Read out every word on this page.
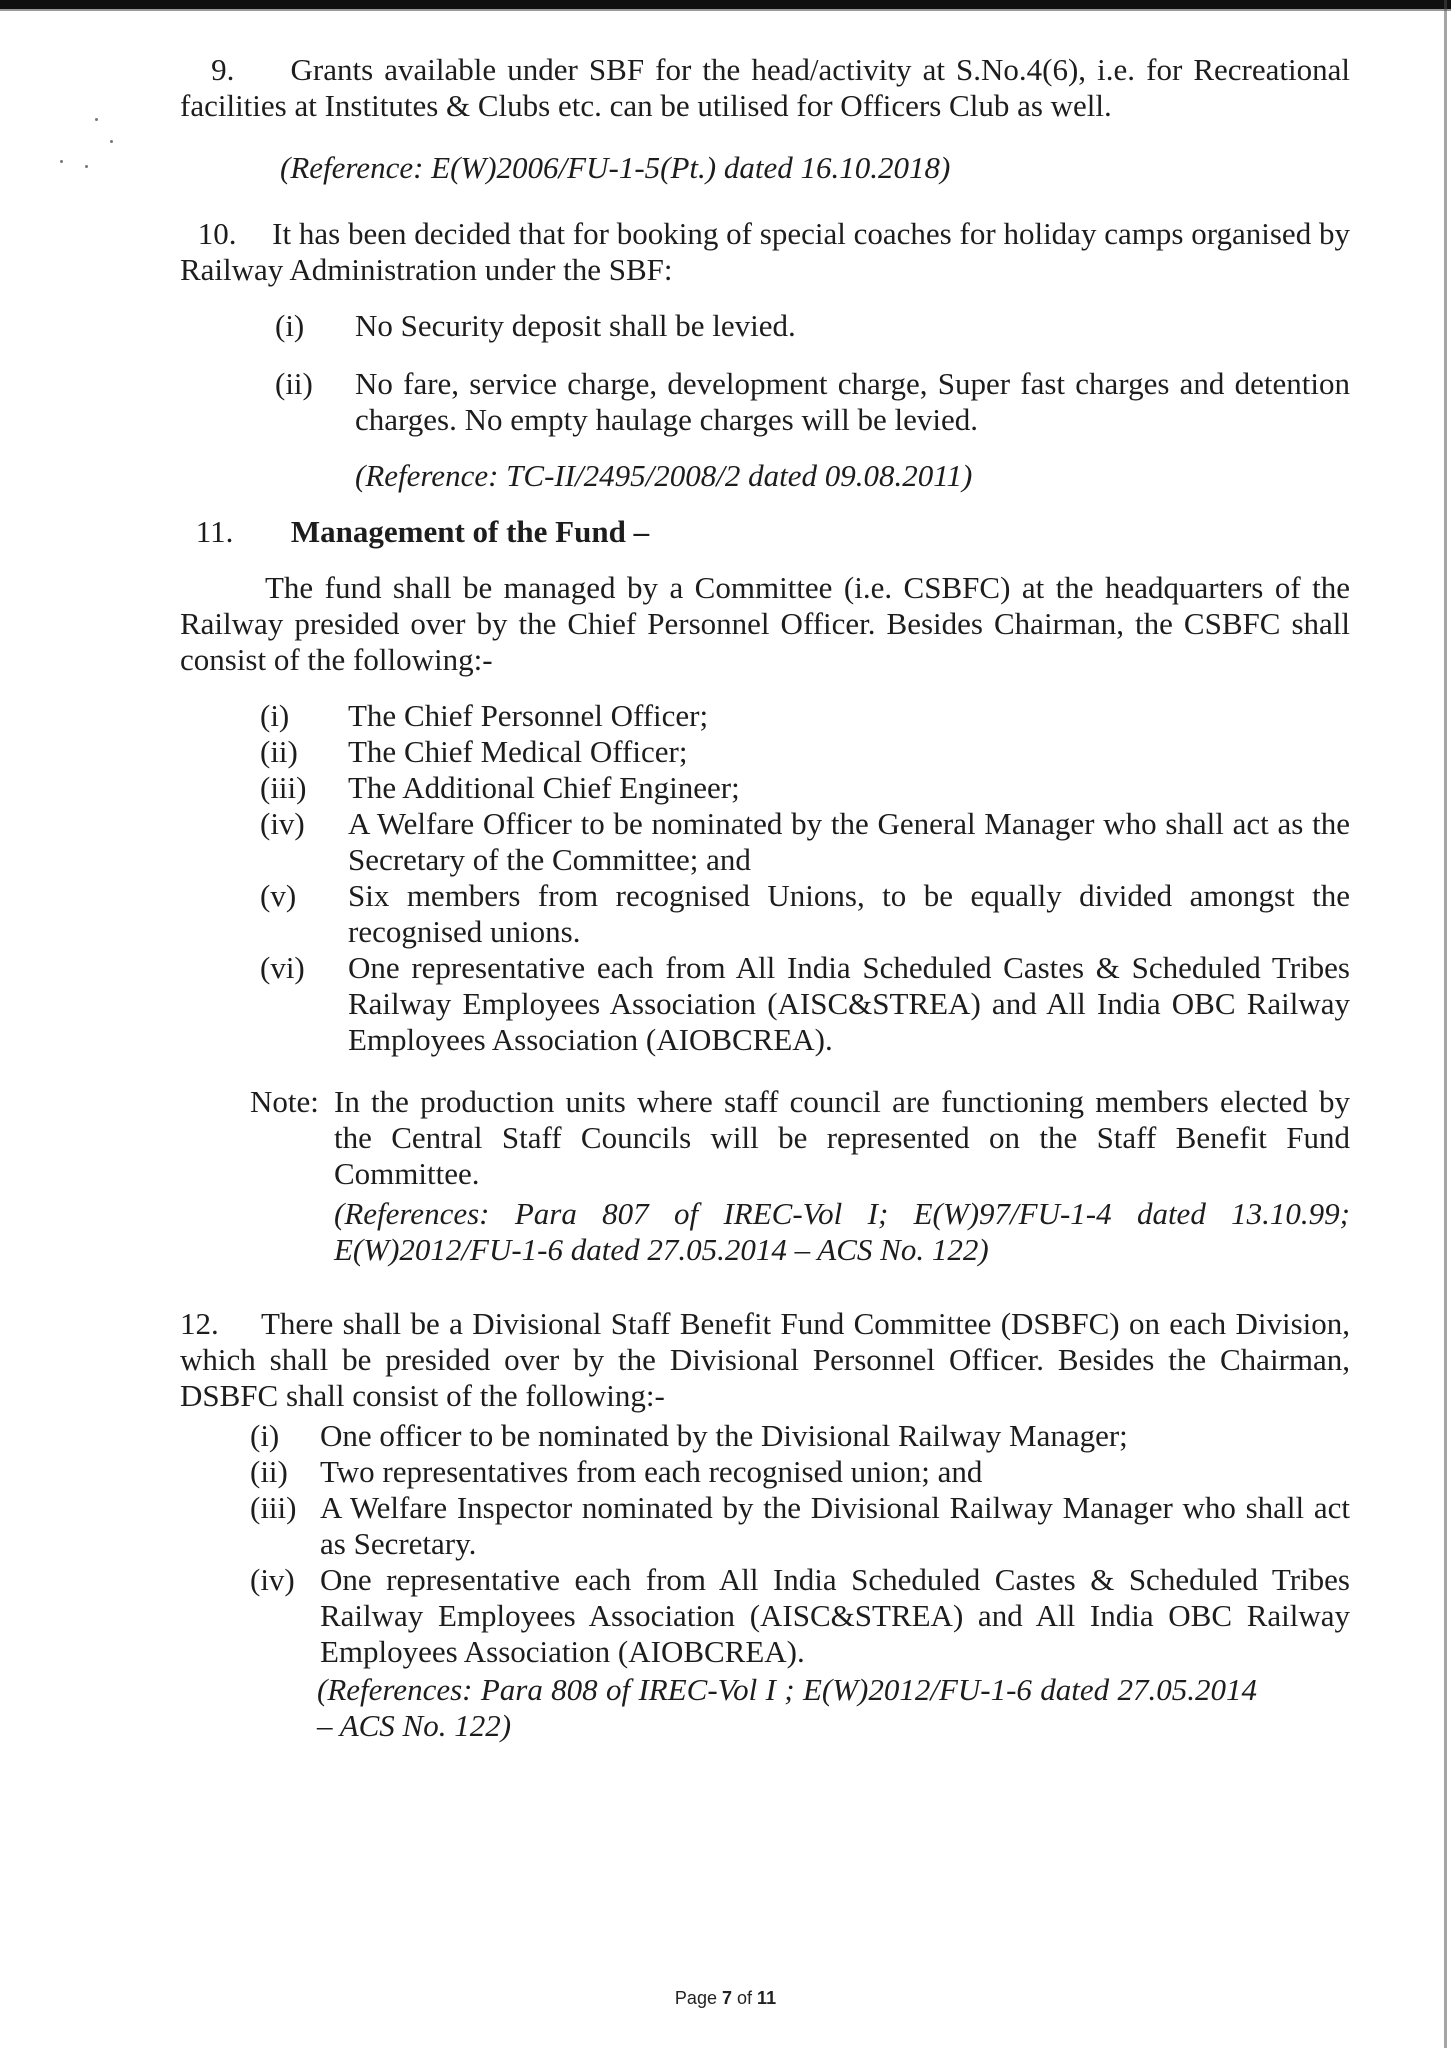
9. Grants available under SBF for the head/activity at S.No.4(6), i.e. for Recreational facilities at Institutes & Clubs etc. can be utilised for Officers Club as well.

(Reference: E(W)2006/FU-1-5(Pt.) dated 16.10.2018)

10. It has been decided that for booking of special coaches for holiday camps organised by Railway Administration under the SBF:

(i)	No Security deposit shall be levied.
(ii)	No fare, service charge, development charge, Super fast charges and detention charges. No empty haulage charges will be levied.

(Reference: TC-II/2495/2008/2 dated 09.08.2011)

11. Management of the Fund –

The fund shall be managed by a Committee (i.e. CSBFC) at the headquarters of the Railway presided over by the Chief Personnel Officer. Besides Chairman, the CSBFC shall consist of the following:-

(i)	The Chief Personnel Officer;
(ii)	The Chief Medical Officer;
(iii)	The Additional Chief Engineer;
(iv)	A Welfare Officer to be nominated by the General Manager who shall act as the Secretary of the Committee; and
(v)	Six members from recognised Unions, to be equally divided amongst the recognised unions.
(vi)	One representative each from All India Scheduled Castes & Scheduled Tribes Railway Employees Association (AISC&STREA) and All India OBC Railway Employees Association (AIOBCREA).
Note: In the production units where staff council are functioning members elected by the Central Staff Councils will be represented on the Staff Benefit Fund Committee.

(References: Para 807 of IREC-Vol I; E(W)97/FU-1-4 dated 13.10.99; E(W)2012/FU-1-6 dated 27.05.2014 – ACS No. 122)

12. There shall be a Divisional Staff Benefit Fund Committee (DSBFC) on each Division, which shall be presided over by the Divisional Personnel Officer. Besides the Chairman, DSBFC shall consist of the following:-

(i)	One officer to be nominated by the Divisional Railway Manager;
(ii)	Two representatives from each recognised union; and
(iii) A Welfare Inspector nominated by the Divisional Railway Manager who shall act as Secretary.
(iv) One representative each from All India Scheduled Castes & Scheduled Tribes Railway Employees Association (AISC&STREA) and All India OBC Railway Employees Association (AIOBCREA).

(References: Para 808 of IREC-Vol I ; E(W)2012/FU-1-6 dated 27.05.2014 – ACS No. 122)

Page 7 of 11
